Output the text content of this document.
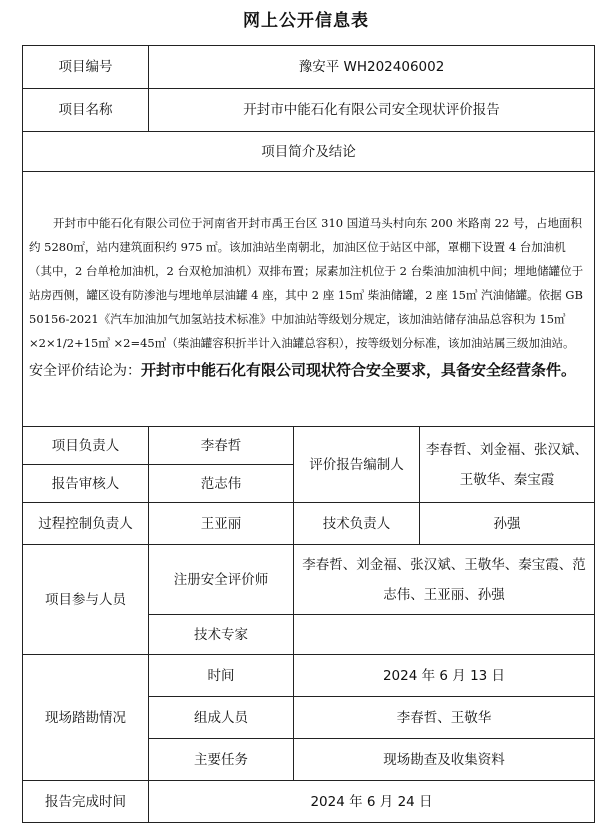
网上公开信息表
项目编号	豫安平 WH202406002		
项目名称	开封市中能石化有限公司安全现状评价报告		
项目简介及结论			
开封市中能石化有限公司位于河南省开封市禹王台区 310 国道马头村向东 200 米路南 22 号，占地面积约 5280㎡，站内建筑面积约 975 ㎡。该加油站坐南朝北，加油区位于站区中部，罩棚下设置 4 台加油机（其中，2 台单枪加油机，2 台双枪加油机）双排布置；尿素加注机位于 2 台柴油加油机中间；埋地储罐位于站房西侧，罐区设有防渗池与埋地单层油罐 4 座，其中 2 座 15㎥ 柴油储罐，2 座 15㎥ 汽油储罐。依据 GB 50156-2021《汽车加油加气加氢站技术标准》中加油站等级划分规定，该加油站储存油品总容积为 15㎥ ×2×1/2+15㎥ ×2=45㎥（柴油罐容积折半计入油罐总容积），按等级划分标准，该加油站属三级加油站。安全评价结论为：开封市中能石化有限公司现状符合安全要求，具备安全经营条件。			
项目负责人	李春哲	评价报告编制人	李春哲、刘金福、张汉斌、王敬华、秦宝霞
报告审核人	范志伟		
过程控制负责人	王亚丽	技术负责人	孙强
项目参与人员	注册安全评价师	李春哲、刘金福、张汉斌、王敬华、秦宝霞、范志伟、王亚丽、孙强	
	技术专家		
现场踏勘情况	时间	2024 年 6 月 13 日	
	组成人员	李春哲、王敬华	
	主要任务	现场勘查及收集资料	
报告完成时间	2024 年 6 月 24 日		
